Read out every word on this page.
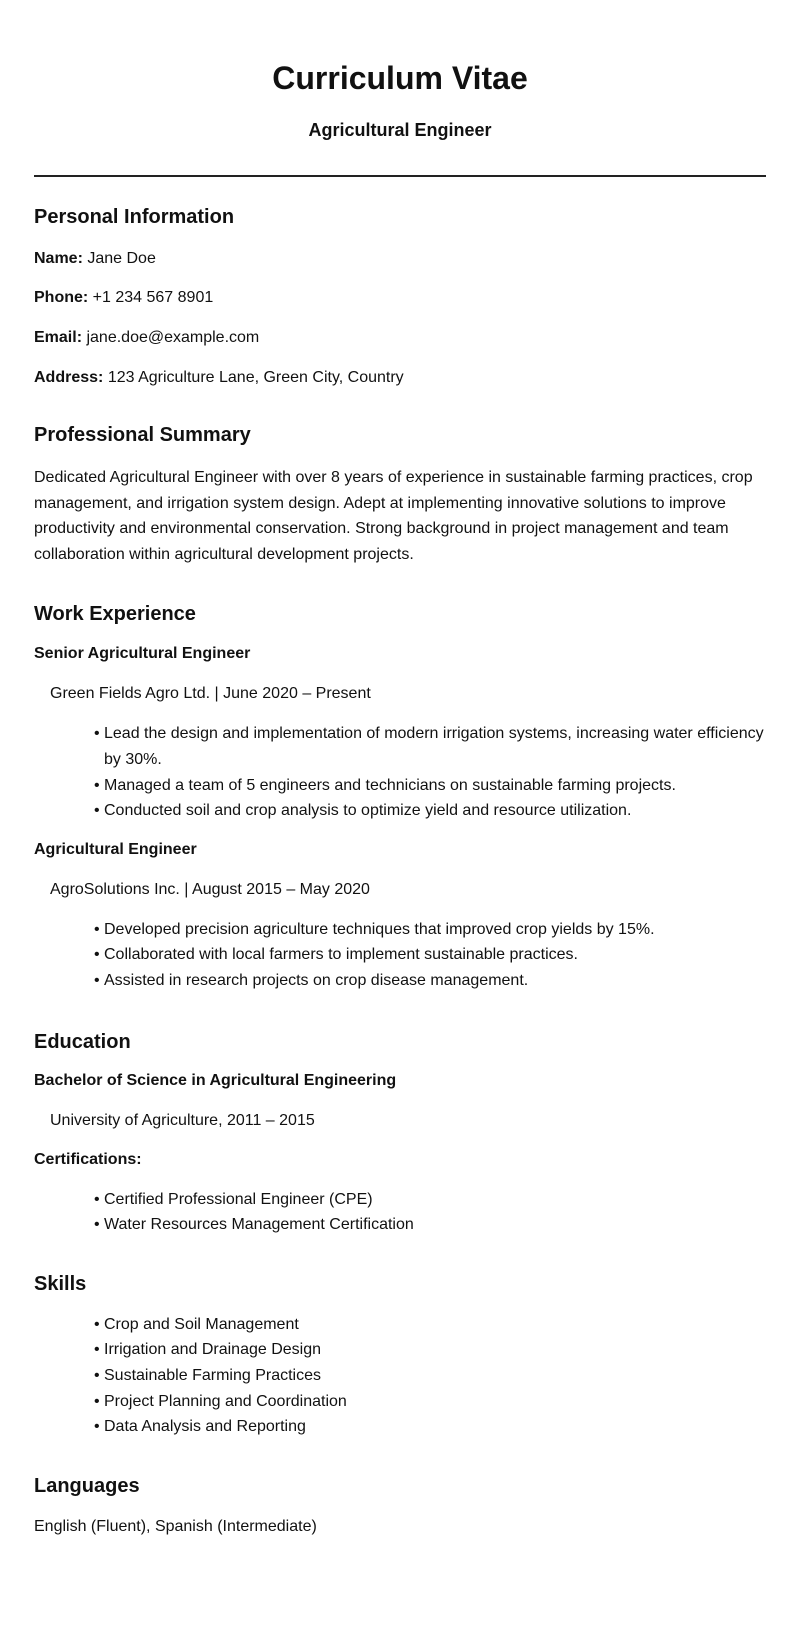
Curriculum Vitae
Agricultural Engineer
Personal Information

Name: Jane Doe

Phone: +1 234 567 8901

Email: jane.doe@example.com

Address: 123 Agriculture Lane, Green City, Country

Professional Summary

Dedicated Agricultural Engineer with over 8 years of experience in sustainable farming practices, crop management, and irrigation system design. Adept at implementing innovative solutions to improve productivity and environmental conservation. Strong background in project management and team collaboration within agricultural development projects.

Work Experience
Senior Agricultural Engineer

Green Fields Agro Ltd. | June 2020 – Present

• Lead the design and implementation of modern irrigation systems, increasing water efficiency by 30%.
• Managed a team of 5 engineers and technicians on sustainable farming projects.
• Conducted soil and crop analysis to optimize yield and resource utilization.
Agricultural Engineer

AgroSolutions Inc. | August 2015 – May 2020

• Developed precision agriculture techniques that improved crop yields by 15%.
• Collaborated with local farmers to implement sustainable practices.
• Assisted in research projects on crop disease management.
Education
Bachelor of Science in Agricultural Engineering

University of Agriculture, 2011 – 2015

Certifications:
• Certified Professional Engineer (CPE)
• Water Resources Management Certification
Skills
• Crop and Soil Management
• Irrigation and Drainage Design
• Sustainable Farming Practices
• Project Planning and Coordination
• Data Analysis and Reporting
Languages

English (Fluent), Spanish (Intermediate)
